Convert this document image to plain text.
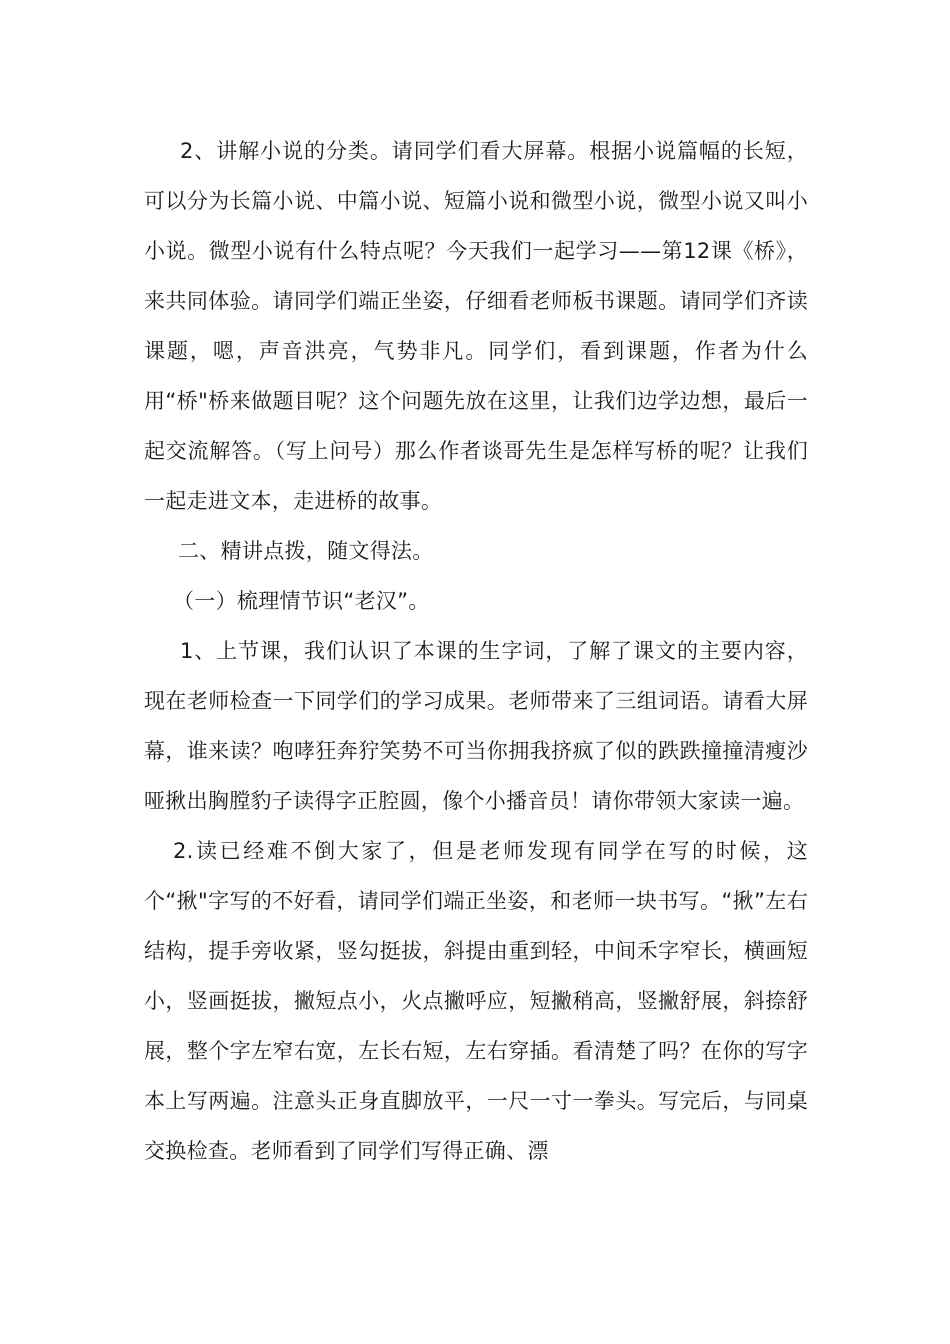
2、讲解小说的分类。请同学们看大屏幕。根据小说篇幅的长短，可以分为长篇小说、中篇小说、短篇小说和微型小说，微型小说又叫小小说。微型小说有什么特点呢？今天我们一起学习——第12课《桥》，来共同体验。请同学们端正坐姿，仔细看老师板书课题。请同学们齐读课题，嗯，声音洪亮，气势非凡。同学们，看到课题，作者为什么用“桥"桥来做题目呢？这个问题先放在这里，让我们边学边想，最后一起交流解答。（写上问号）那么作者谈哥先生是怎样写桥的呢？让我们一起走进文本，走进桥的故事。

二、精讲点拨，随文得法。

（一）梳理情节识“老汉”。

1、上节课，我们认识了本课的生字词，了解了课文的主要内容，现在老师检查一下同学们的学习成果。老师带来了三组词语。请看大屏幕，谁来读？咆哮狂奔狞笑势不可当你拥我挤疯了似的跌跌撞撞清瘦沙哑揪出胸膛豹子读得字正腔圆，像个小播音员！请你带领大家读一遍。

2.读已经难不倒大家了，但是老师发现有同学在写的时候，这个“揪"字写的不好看，请同学们端正坐姿，和老师一块书写。“揪”左右结构，提手旁收紧，竖勾挺拔，斜提由重到轻，中间禾字窄长，横画短小，竖画挺拔，撇短点小，火点撇呼应，短撇稍高，竖撇舒展，斜捺舒展，整个字左窄右宽，左长右短，左右穿插。看清楚了吗？在你的写字本上写两遍。注意头正身直脚放平，一尺一寸一拳头。写完后，与同桌交换检查。老师看到了同学们写得正确、漂
